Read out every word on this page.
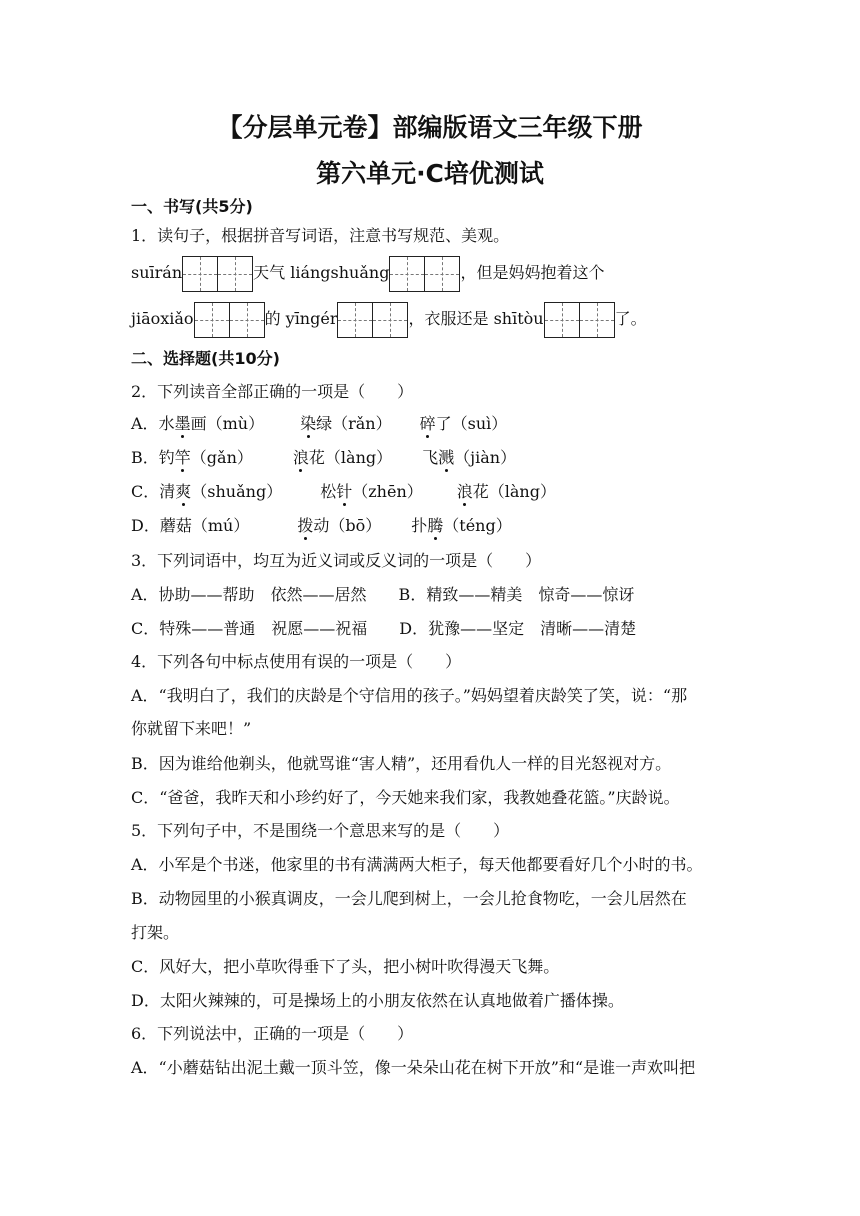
【分层单元卷】部编版语文三年级下册
第六单元·C培优测试
一、书写(共5分)
1．读句子，根据拼音写词语，注意书写规范、美观。
suīrán	天气 liángshuǎng	，但是妈妈抱着这个
jiāoxiǎo	的 yīngér	，衣服还是 shītòu	了。
二、选择题(共10分)
2．下列读音全部正确的一项是（　　）
A．水墨画（mù） 染绿（rǎn） 碎了（suì）
B．钓竿（gǎn）	浪花（làng） 飞溅（jiàn）
C．清爽（shuǎng） 松针（zhēn） 浪花（làng）
D．蘑菇（mú）	拨动（bō） 扑腾（téng）
3．下列词语中，均互为近义词或反义词的一项是（　　）
A．协助——帮助　依然——居然　　B．精致——精美　惊奇——惊讶
C．特殊——普通　祝愿——祝福　　D．犹豫——坚定　清晰——清楚
4．下列各句中标点使用有误的一项是（　　）
A．“我明白了，我们的庆龄是个守信用的孩子。”妈妈望着庆龄笑了笑，说：“那
你就留下来吧！”
B．因为谁给他剃头，他就骂谁“害人精”，还用看仇人一样的目光怒视对方。
C．“爸爸，我昨天和小珍约好了，今天她来我们家，我教她叠花篮。”庆龄说。
5．下列句子中，不是围绕一个意思来写的是（　　）
A．小军是个书迷，他家里的书有满满两大柜子，每天他都要看好几个小时的书。
B．动物园里的小猴真调皮，一会儿爬到树上，一会儿抢食物吃，一会儿居然在
打架。
C．风好大，把小草吹得垂下了头，把小树叶吹得漫天飞舞。
D．太阳火辣辣的，可是操场上的小朋友依然在认真地做着广播体操。
6．下列说法中，正确的一项是（　　）
A．“小蘑菇钻出泥土戴一顶斗笠，像一朵朵山花在树下开放”和“是谁一声欢叫把
